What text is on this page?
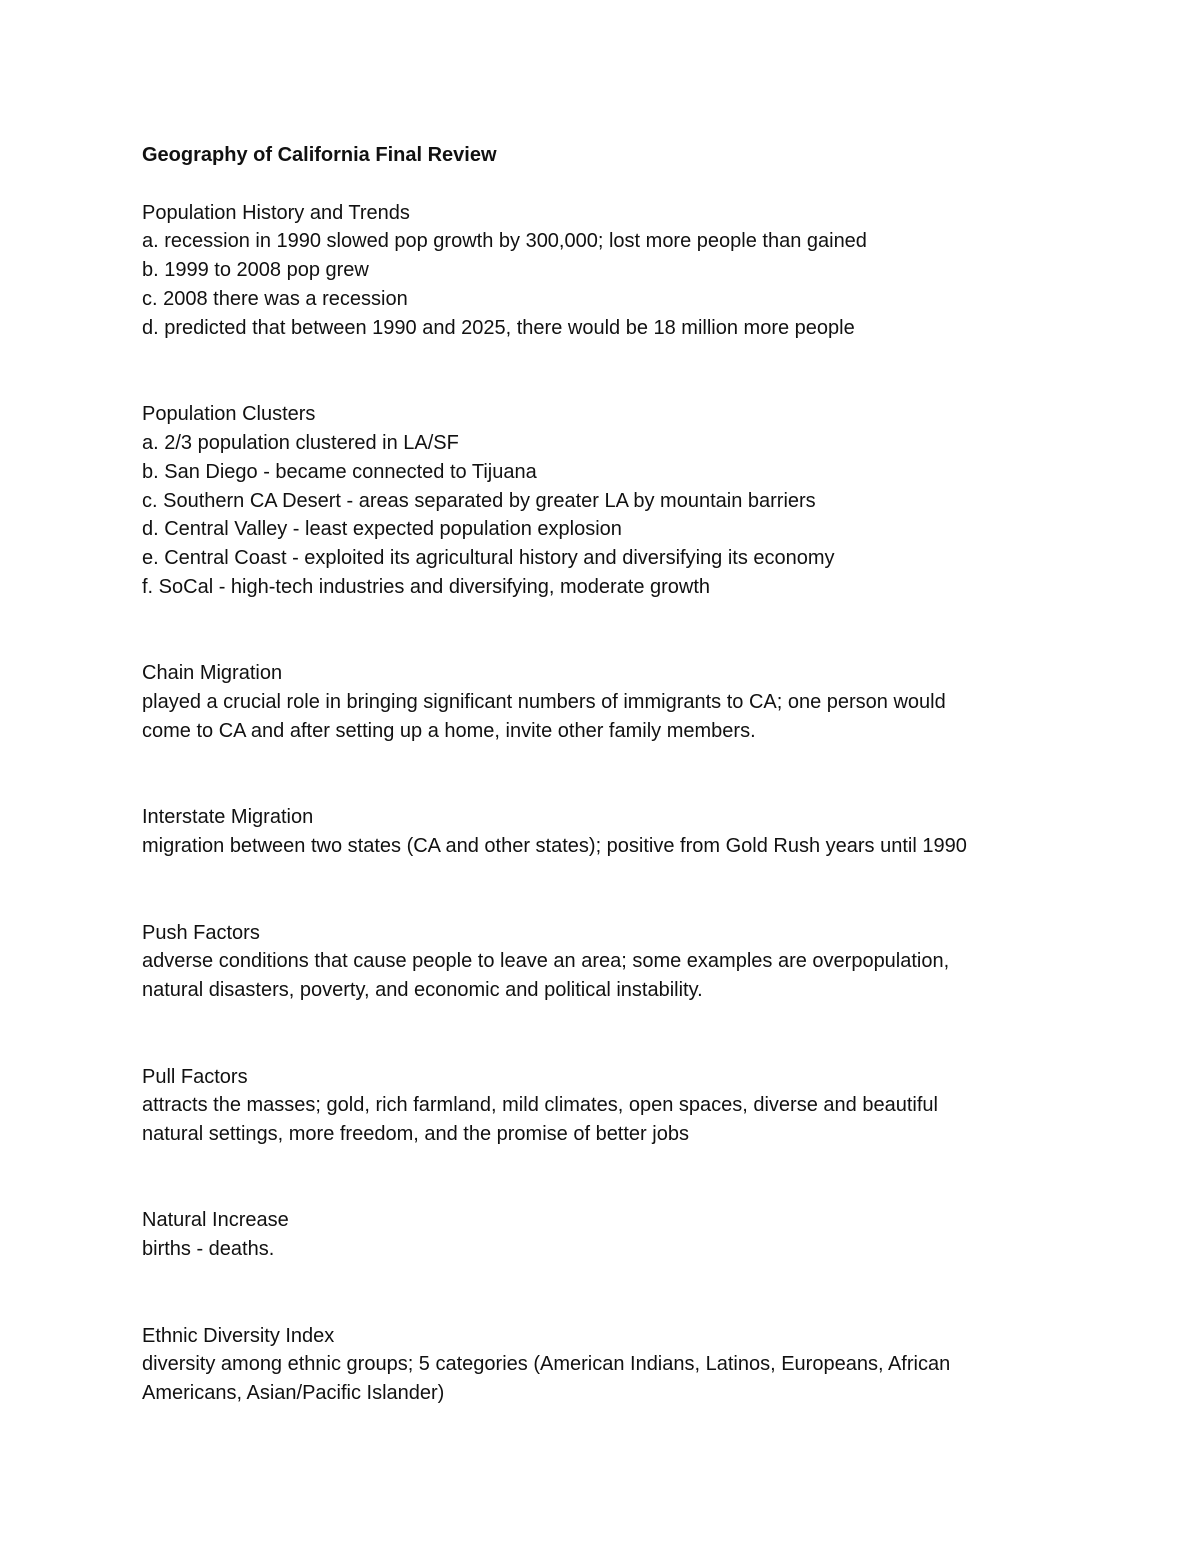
Geography of California Final Review

Population History and Trends

a. recession in 1990 slowed pop growth by 300,000; lost more people than gained

b. 1999 to 2008 pop grew

c. 2008 there was a recession

d. predicted that between 1990 and 2025, there would be 18 million more people

Population Clusters

a. 2/3 population clustered in LA/SF

b. San Diego - became connected to Tijuana

c. Southern CA Desert - areas separated by greater LA by mountain barriers

d. Central Valley - least expected population explosion

e. Central Coast - exploited its agricultural history and diversifying its economy

f. SoCal - high-tech industries and diversifying, moderate growth

Chain Migration

played a crucial role in bringing significant numbers of immigrants to CA; one person would

come to CA and after setting up a home, invite other family members.

Interstate Migration

migration between two states (CA and other states); positive from Gold Rush years until 1990

Push Factors

adverse conditions that cause people to leave an area; some examples are overpopulation,

natural disasters, poverty, and economic and political instability.

Pull Factors

attracts the masses; gold, rich farmland, mild climates, open spaces, diverse and beautiful

natural settings, more freedom, and the promise of better jobs

Natural Increase

births - deaths.

Ethnic Diversity Index

diversity among ethnic groups; 5 categories (American Indians, Latinos, Europeans, African

Americans, Asian/Pacific Islander)
